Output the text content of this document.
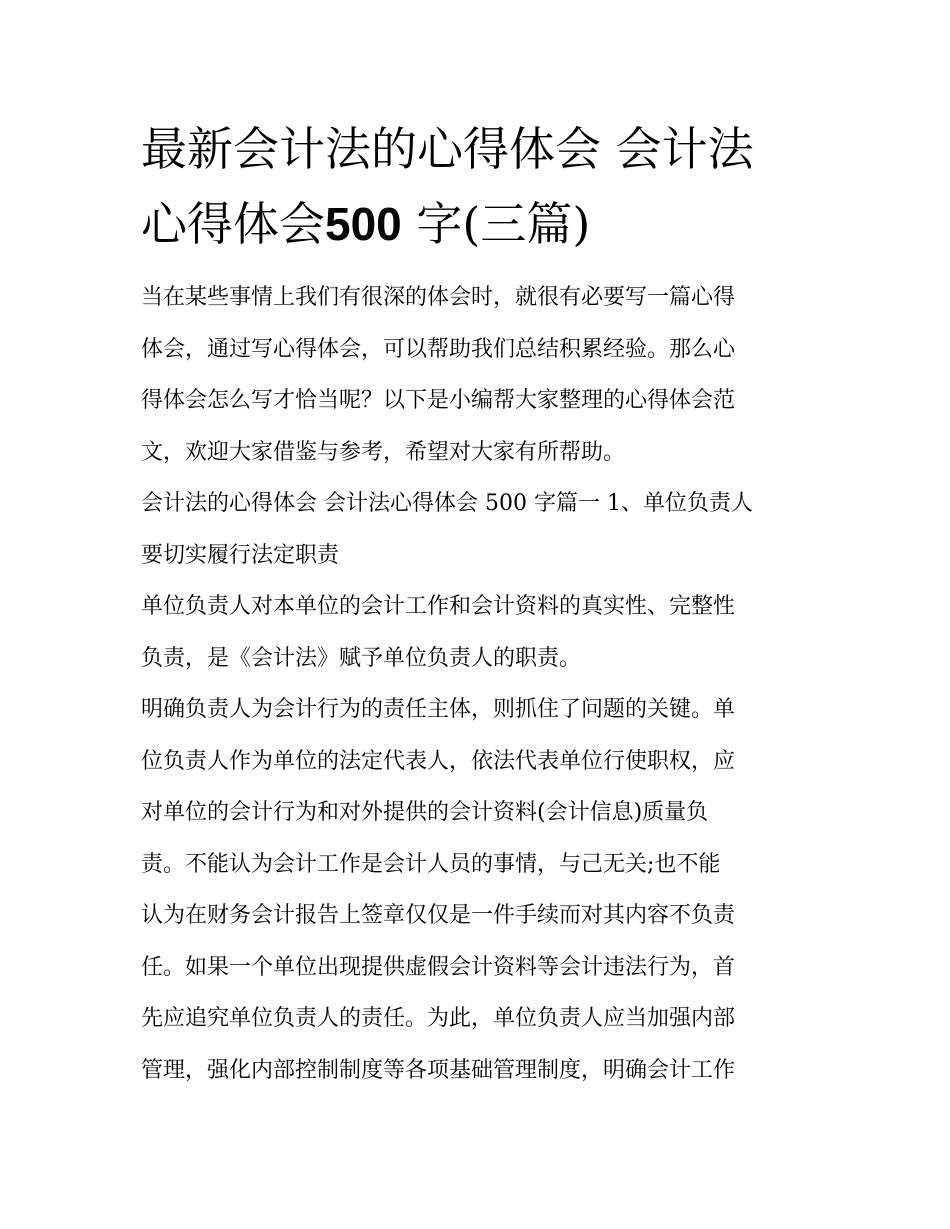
最新会计法的心得体会 会计法
心得体会500 字(三篇)

当在某些事情上我们有很深的体会时，就很有必要写一篇心得
体会，通过写心得体会，可以帮助我们总结积累经验。那么心
得体会怎么写才恰当呢？以下是小编帮大家整理的心得体会范
文，欢迎大家借鉴与参考，希望对大家有所帮助。

会计法的心得体会 会计法心得体会 500 字篇一 1、单位负责人
要切实履行法定职责

单位负责人对本单位的会计工作和会计资料的真实性、完整性
负责，是《会计法》赋予单位负责人的职责。

明确负责人为会计行为的责任主体，则抓住了问题的关键。单
位负责人作为单位的法定代表人，依法代表单位行使职权，应
对单位的会计行为和对外提供的会计资料(会计信息)质量负
责。不能认为会计工作是会计人员的事情，与己无关;也不能
认为在财务会计报告上签章仅仅是一件手续而对其内容不负责
任。如果一个单位出现提供虚假会计资料等会计违法行为，首
先应追究单位负责人的责任。为此，单位负责人应当加强内部
管理，强化内部控制制度等各项基础管理制度，明确会计工作
